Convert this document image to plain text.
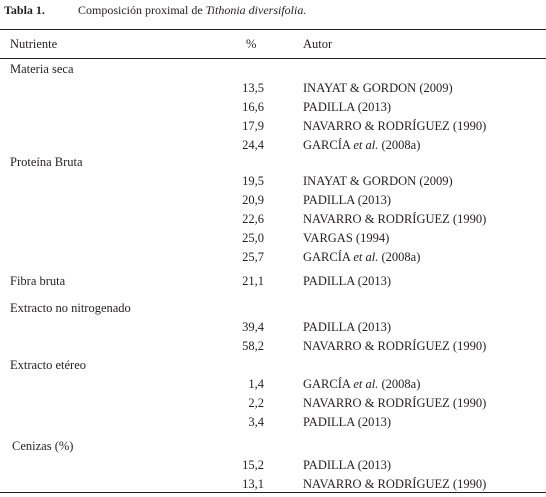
Tabla 1.	Composición proximal de Tithonia diversifolia.
Nutriente	%	Autor
Materia seca
13,5	INAYAT & GORDON (2009)
16,6	PADILLA (2013)
17,9	NAVARRO & RODRÍGUEZ (1990)
24,4	GARCÍA et al. (2008a)
Proteína Bruta
19,5	INAYAT & GORDON (2009)
20,9	PADILLA (2013)
22,6	NAVARRO & RODRÍGUEZ (1990)
25,0	VARGAS (1994)
25,7	GARCÍA et al. (2008a)
Fibra bruta	21,1	PADILLA (2013)
Extracto no nitrogenado
39,4	PADILLA (2013)
58,2	NAVARRO & RODRÍGUEZ (1990)
Extracto etéreo
1,4	GARCÍA et al. (2008a)
2,2	NAVARRO & RODRÍGUEZ (1990)
3,4	PADILLA (2013)
Cenizas (%)
15,2	PADILLA (2013)
13,1	NAVARRO & RODRÍGUEZ (1990)
